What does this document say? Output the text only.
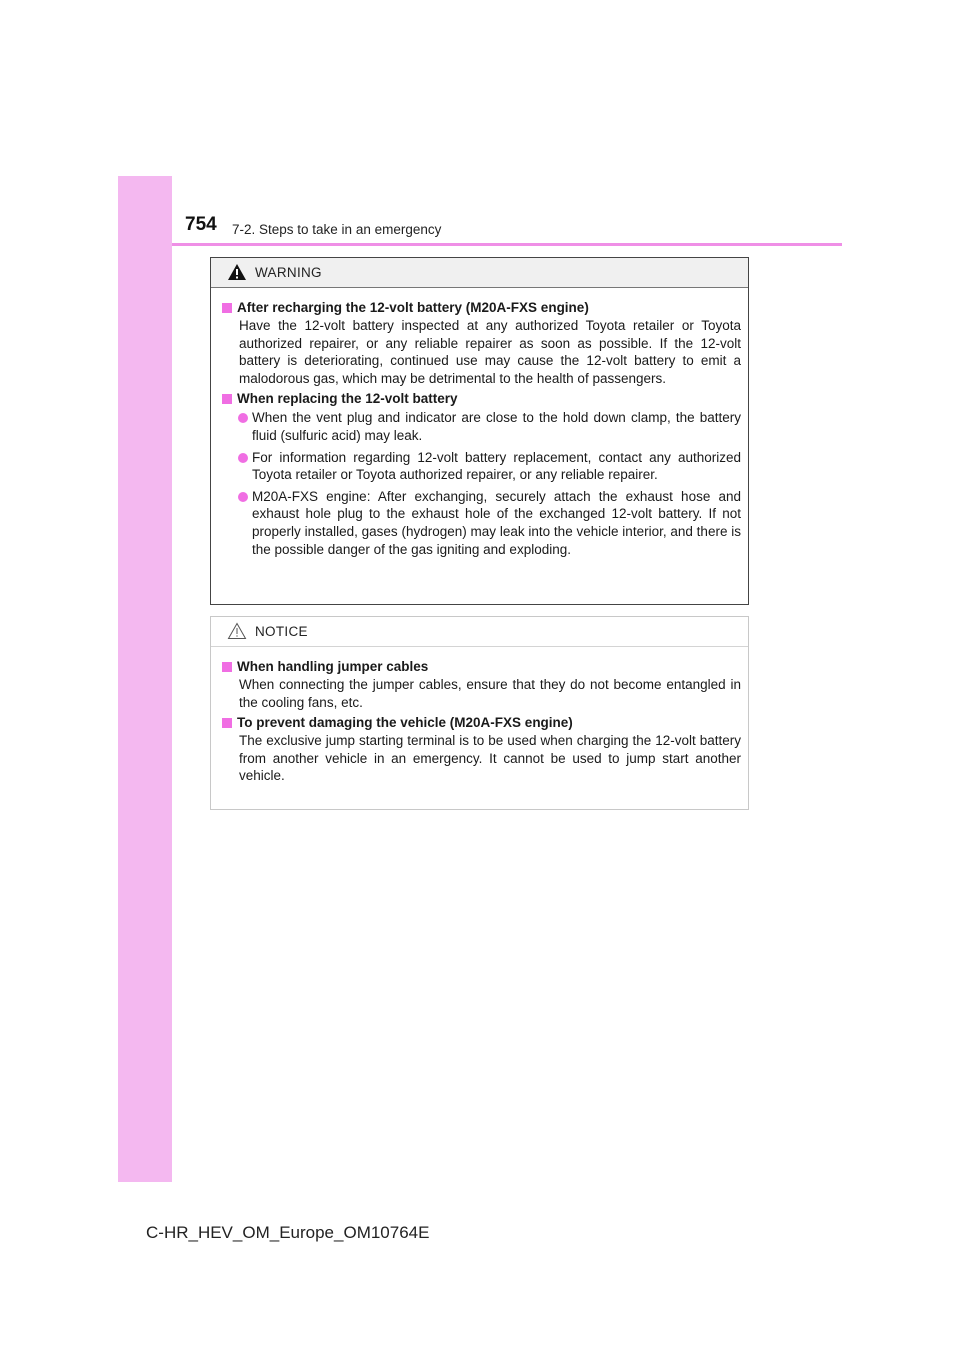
754 7-2. Steps to take in an emergency
WARNING
After recharging the 12-volt battery (M20A-FXS engine)
Have the 12-volt battery inspected at any authorized Toyota retailer or Toyota authorized repairer, or any reliable repairer as soon as possible. If the 12-volt battery is deteriorating, continued use may cause the 12-volt battery to emit a malodorous gas, which may be detrimental to the health of passengers.
When replacing the 12-volt battery
When the vent plug and indicator are close to the hold down clamp, the battery fluid (sulfuric acid) may leak.
For information regarding 12-volt battery replacement, contact any authorized Toyota retailer or Toyota authorized repairer, or any reliable repairer.
M20A-FXS engine: After exchanging, securely attach the exhaust hose and exhaust hole plug to the exhaust hole of the exchanged 12-volt battery. If not properly installed, gases (hydrogen) may leak into the vehicle interior, and there is the possible danger of the gas igniting and exploding.
NOTICE
When handling jumper cables
When connecting the jumper cables, ensure that they do not become entangled in the cooling fans, etc.
To prevent damaging the vehicle (M20A-FXS engine)
The exclusive jump starting terminal is to be used when charging the 12-volt battery from another vehicle in an emergency. It cannot be used to jump start another vehicle.
C-HR_HEV_OM_Europe_OM10764E
